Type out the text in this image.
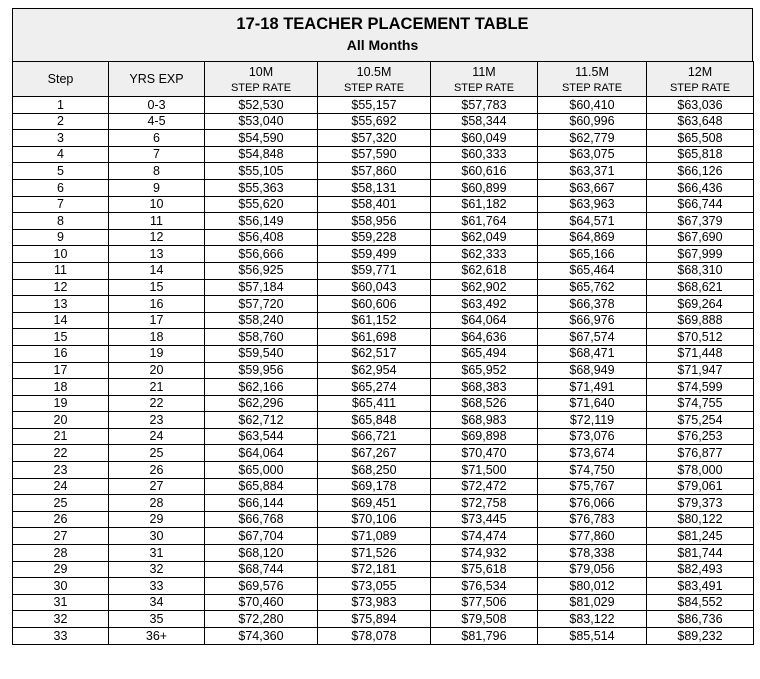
17-18 TEACHER PLACEMENT TABLE
All Months
Step	YRS EXP	10M	10.5M	11M	11.5M	12M
		STEP RATE	STEP RATE	STEP RATE	STEP RATE	STEP RATE
1	0-3	$52,530	$55,157	$57,783	$60,410	$63,036
2	4-5	$53,040	$55,692	$58,344	$60,996	$63,648
3	6	$54,590	$57,320	$60,049	$62,779	$65,508
4	7	$54,848	$57,590	$60,333	$63,075	$65,818
5	8	$55,105	$57,860	$60,616	$63,371	$66,126
6	9	$55,363	$58,131	$60,899	$63,667	$66,436
7	10	$55,620	$58,401	$61,182	$63,963	$66,744
8	11	$56,149	$58,956	$61,764	$64,571	$67,379
9	12	$56,408	$59,228	$62,049	$64,869	$67,690
10	13	$56,666	$59,499	$62,333	$65,166	$67,999
11	14	$56,925	$59,771	$62,618	$65,464	$68,310
12	15	$57,184	$60,043	$62,902	$65,762	$68,621
13	16	$57,720	$60,606	$63,492	$66,378	$69,264
14	17	$58,240	$61,152	$64,064	$66,976	$69,888
15	18	$58,760	$61,698	$64,636	$67,574	$70,512
16	19	$59,540	$62,517	$65,494	$68,471	$71,448
17	20	$59,956	$62,954	$65,952	$68,949	$71,947
18	21	$62,166	$65,274	$68,383	$71,491	$74,599
19	22	$62,296	$65,411	$68,526	$71,640	$74,755
20	23	$62,712	$65,848	$68,983	$72,119	$75,254
21	24	$63,544	$66,721	$69,898	$73,076	$76,253
22	25	$64,064	$67,267	$70,470	$73,674	$76,877
23	26	$65,000	$68,250	$71,500	$74,750	$78,000
24	27	$65,884	$69,178	$72,472	$75,767	$79,061
25	28	$66,144	$69,451	$72,758	$76,066	$79,373
26	29	$66,768	$70,106	$73,445	$76,783	$80,122
27	30	$67,704	$71,089	$74,474	$77,860	$81,245
28	31	$68,120	$71,526	$74,932	$78,338	$81,744
29	32	$68,744	$72,181	$75,618	$79,056	$82,493
30	33	$69,576	$73,055	$76,534	$80,012	$83,491
31	34	$70,460	$73,983	$77,506	$81,029	$84,552
32	35	$72,280	$75,894	$79,508	$83,122	$86,736
33	36+	$74,360	$78,078	$81,796	$85,514	$89,232
